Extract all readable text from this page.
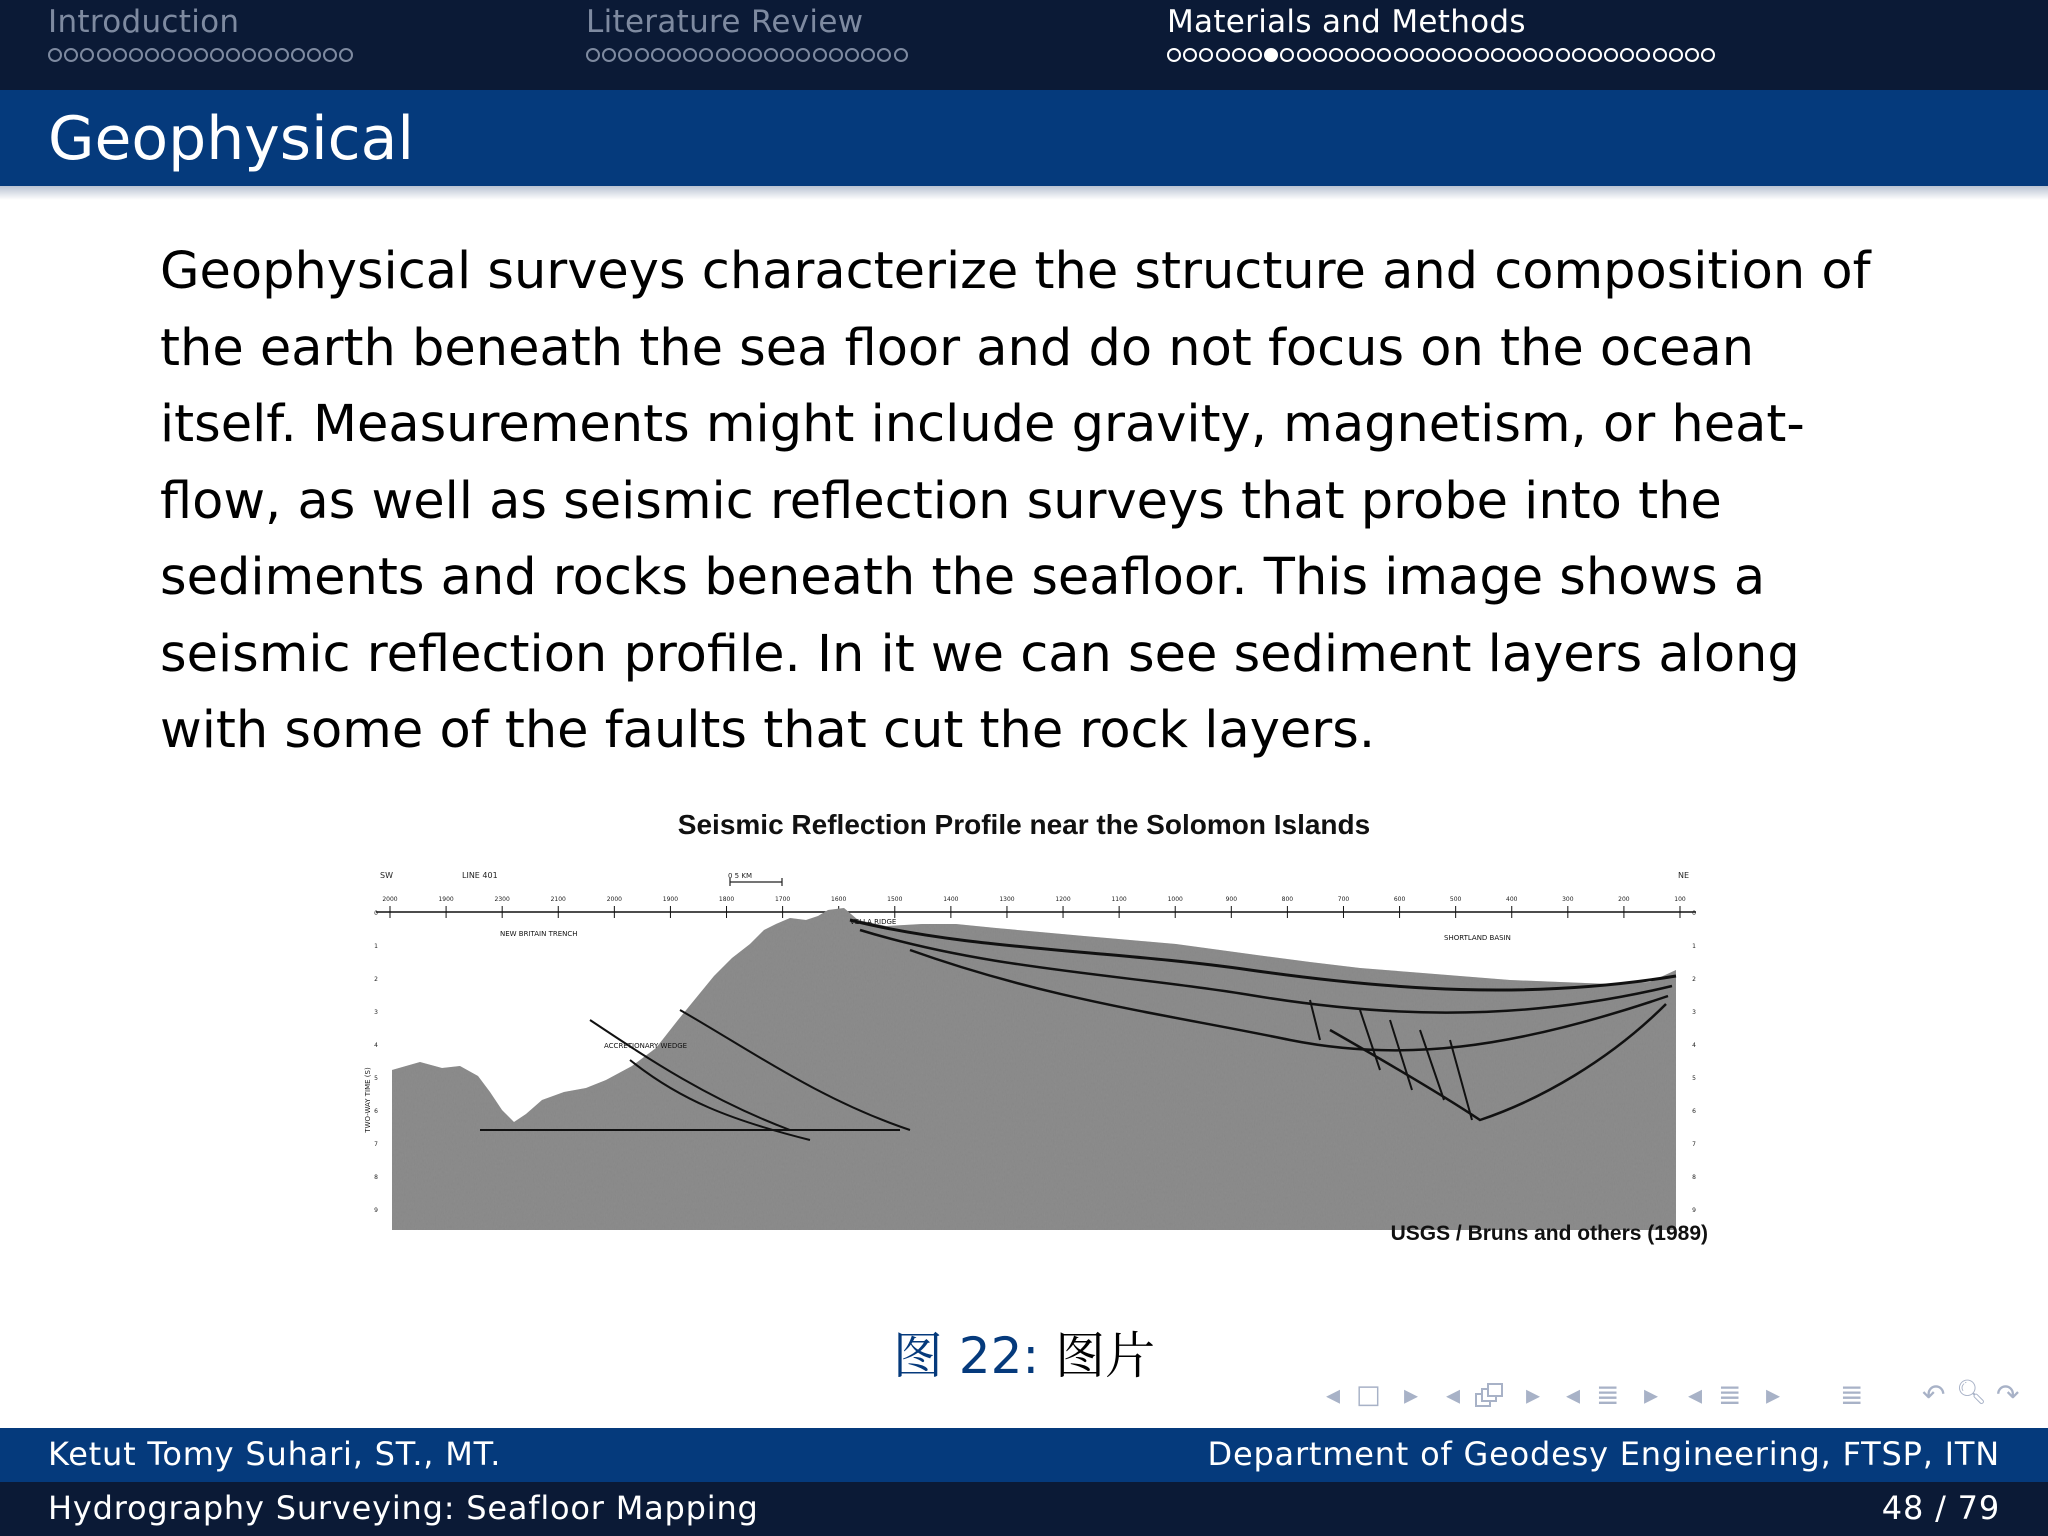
Introduction	Literature Review	Materials and Methods
Geophysical

Geophysical surveys characterize the structure and composition of the earth beneath the sea floor and do not focus on the ocean itself. Measurements might include gravity, magnetism, or heat-flow, as well as seismic reflection surveys that probe into the sediments and rocks beneath the seafloor. This image shows a seismic reflection profile. In it we can see sediment layers along with some of the faults that cut the rock layers.

Seismic Reflection Profile near the Solomon Islands
SW	LINE 401	0 5 KM	NE
2000	1900	2300	2100	2000	1900	1800	1700	1600	1500	1400	1300	1200	1100	1000	900	800	700	600	500	400	300	200	100
0	0
1	1
2	2
3	3
4	4
5	5
6	6
7	7
8	8
9	9
TWO-WAY TIME (S)
NEW BRITAIN TRENCH
VELLA RIDGE
SHORTLAND BASIN
ACCRETIONARY WEDGE
USGS / Bruns and others (1989)
图 22: 图片
◂ □ ▸ ◂ ▸ ◂ ≣ ▸ ◂ ≣ ▸ ≣ ↶ 🔍︎ ↷
Ketut Tomy Suhari, ST., MT.	Department of Geodesy Engineering, FTSP, ITN
Hydrography Surveying: Seafloor Mapping	48 / 79
